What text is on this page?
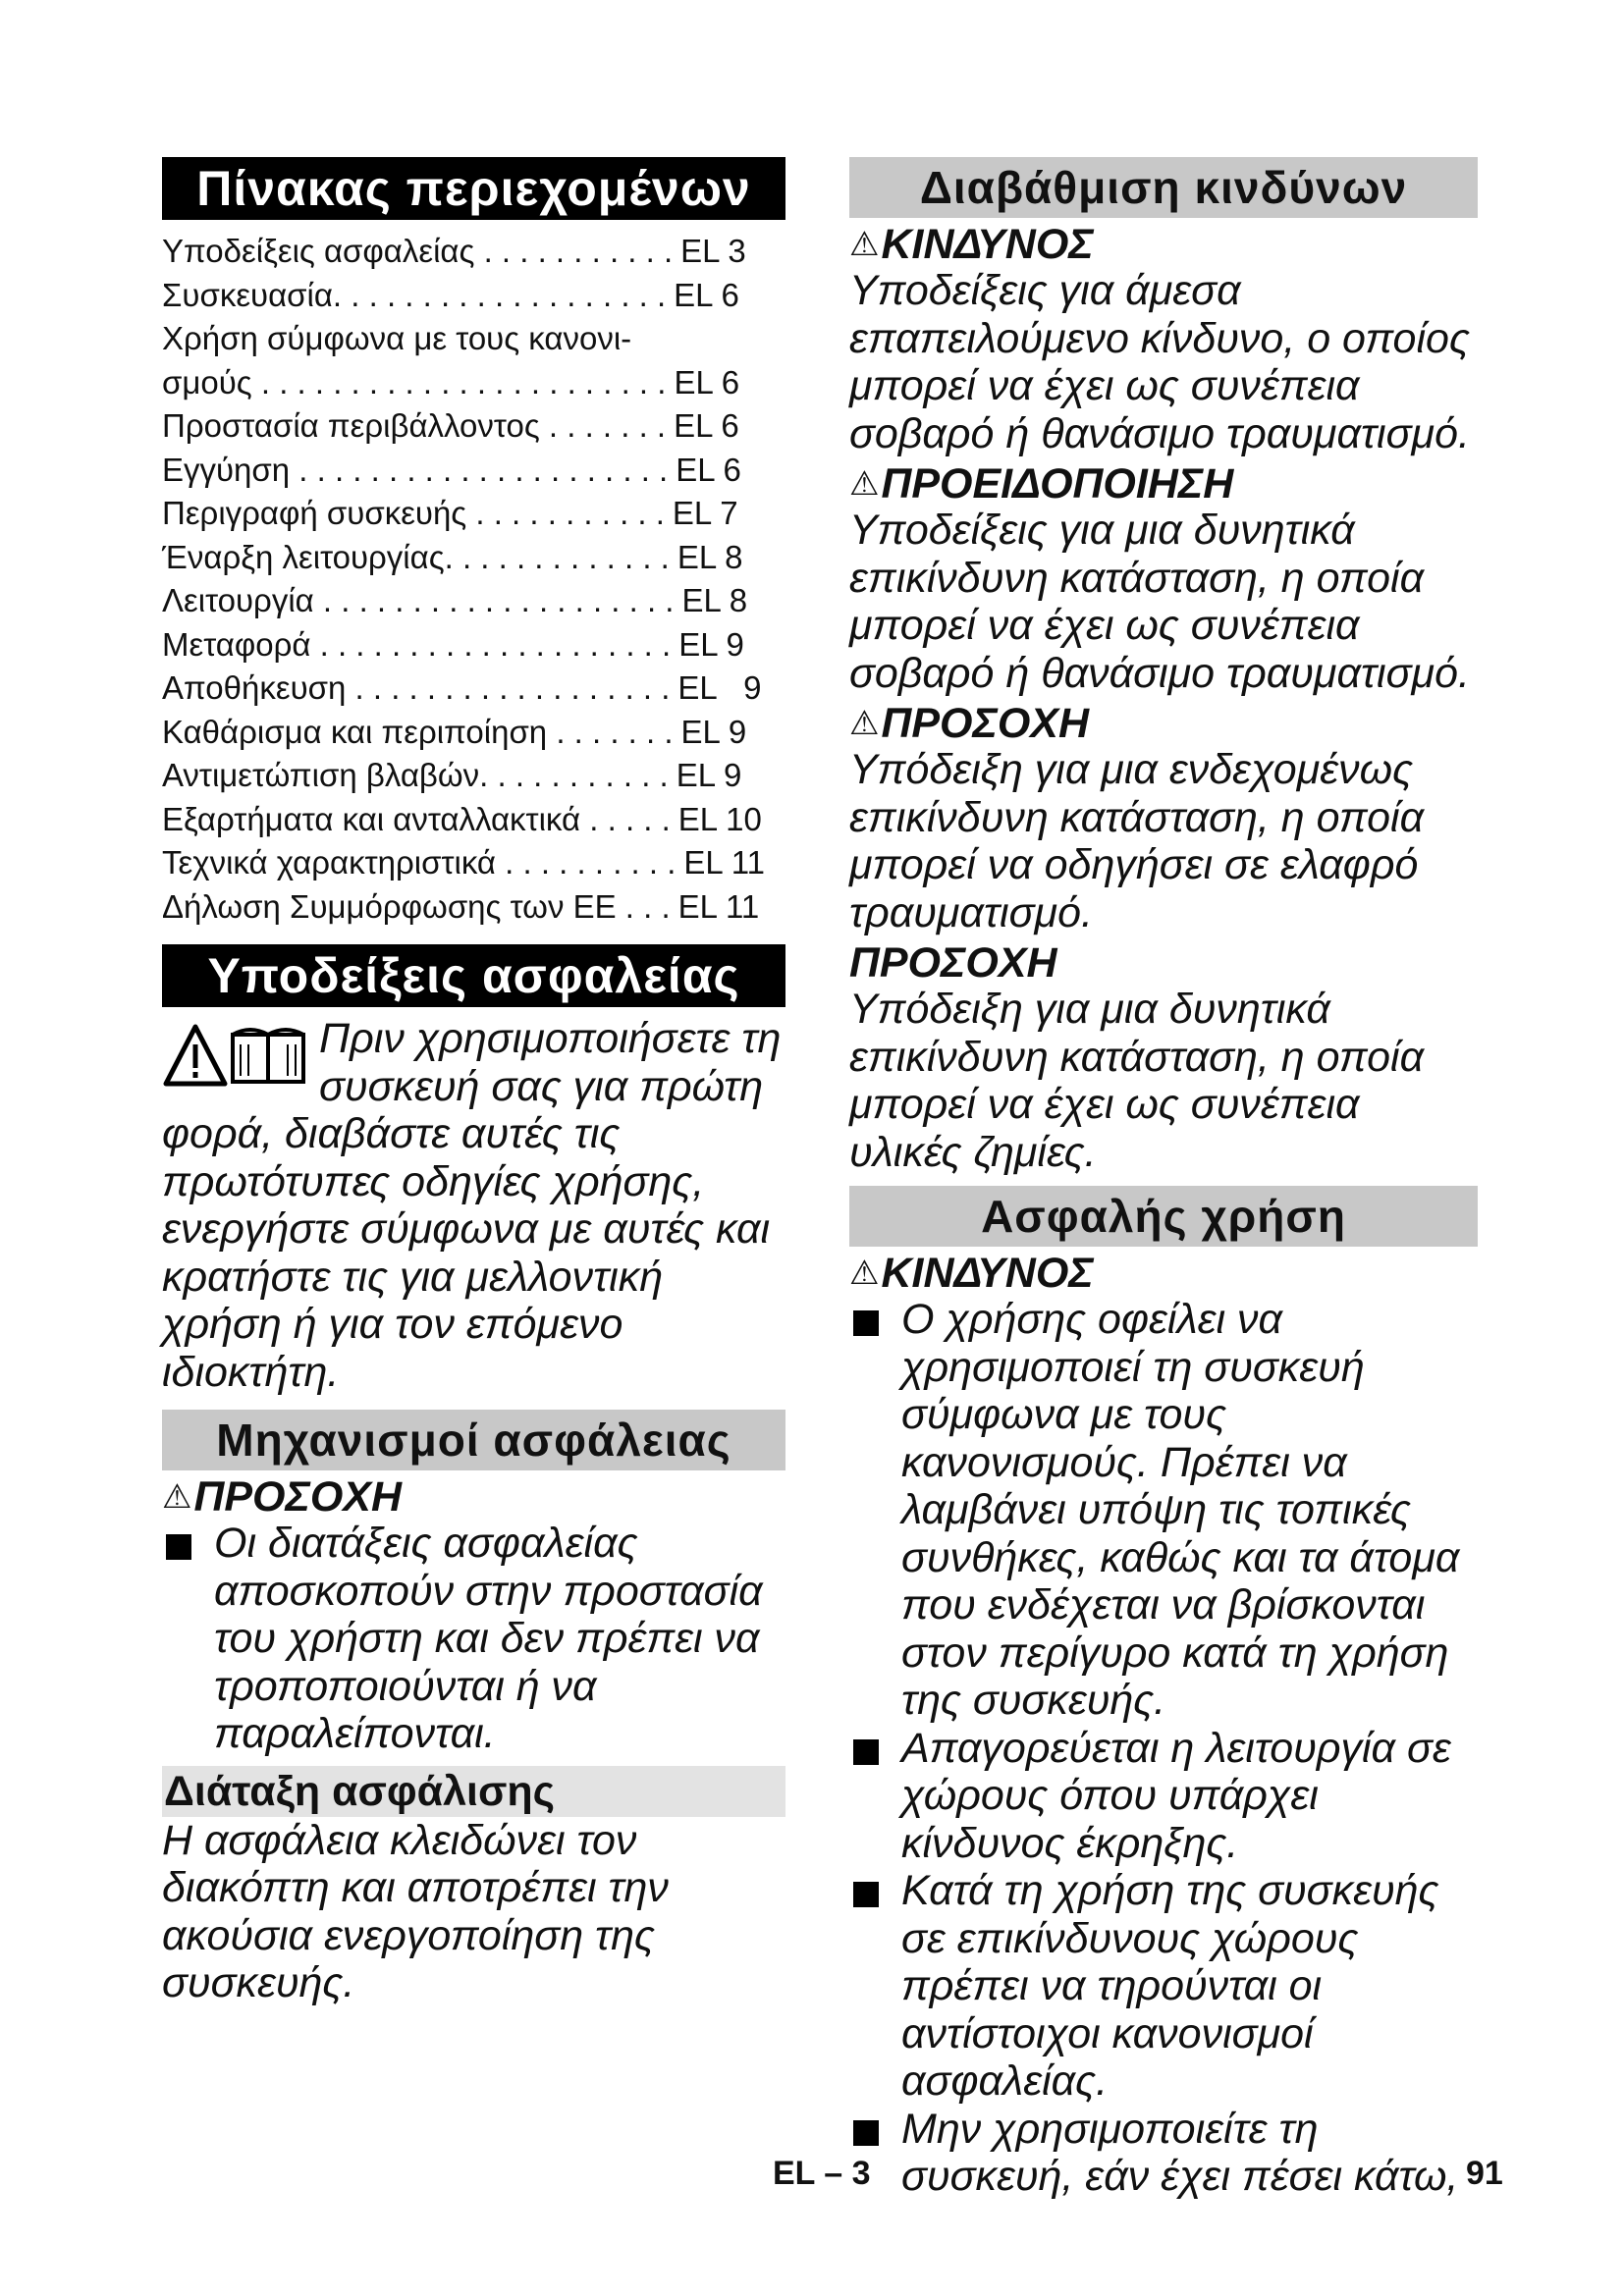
Πίνακας περιεχομένων
Υποδείξεις ασφαλείας . . . . . . . . . . . EL 3
Συσκευασία. . . . . . . . . . . . . . . . . . . EL 6
Χρήση σύμφωνα με τους κανονι-
σμούς . . . . . . . . . . . . . . . . . . . . . . . EL 6
Προστασία περιβάλλοντος . . . . . . . EL 6
Εγγύηση . . . . . . . . . . . . . . . . . . . . . EL 6
Περιγραφή συσκευής . . . . . . . . . . . EL 7
Έναρξη λειτουργίας. . . . . . . . . . . . . EL 8
Λειτουργία . . . . . . . . . . . . . . . . . . . . EL 8
Μεταφορά . . . . . . . . . . . . . . . . . . . . EL 9
Αποθήκευση . . . . . . . . . . . . . . . . . . EL   9
Καθάρισμα και περιποίηση . . . . . . . EL 9
Αντιμετώπιση βλαβών. . . . . . . . . . . EL 9
Εξαρτήματα και ανταλλακτικά . . . . . EL 10
Τεχνικά χαρακτηριστικά . . . . . . . . . . EL 11
Δήλωση Συμμόρφωσης των ΕΕ . . . EL 11
Υποδείξεις ασφαλείας
Πριν χρησιμοποιήσετε τη συσκευή σας για πρώτη φορά, διαβάστε αυτές τις πρωτότυπες οδηγίες χρήσης, ενεργήστε σύμφωνα με αυτές και κρατήστε τις για μελλοντική χρήση ή για τον επόμενο ιδιοκτήτη.
Μηχανισμοί ασφάλειας
⚠ΠΡΟΣΟΧΗ
Οι διατάξεις ασφαλείας αποσκοπούν στην προστασία του χρήστη και δεν πρέπει να τροποποιούνται ή να παραλείπονται.
Διάταξη ασφάλισης
Η ασφάλεια κλειδώνει τον διακόπτη και αποτρέπει την ακούσια ενεργοποίηση της συσκευής.
Διαβάθμιση κινδύνων
⚠ΚΙΝΔΥΝΟΣ
Υποδείξεις για άμεσα επαπειλούμενο κίνδυνο, ο οποίος μπορεί να έχει ως συνέπεια σοβαρό ή θανάσιμο τραυματισμό.
⚠ΠΡΟΕΙΔΟΠΟΙΗΣΗ
Υποδείξεις για μια δυνητικά επικίνδυνη κατάσταση, η οποία μπορεί να έχει ως συνέπεια σοβαρό ή θανάσιμο τραυματισμό.
⚠ΠΡΟΣΟΧΗ
Υπόδειξη για μια ενδεχομένως επικίνδυνη κατάσταση, η οποία μπορεί να οδηγήσει σε ελαφρό τραυματισμό.
ΠΡΟΣΟΧΗ
Υπόδειξη για μια δυνητικά επικίνδυνη κατάσταση, η οποία μπορεί να έχει ως συνέπεια υλικές ζημίες.
Ασφαλής χρήση
⚠ΚΙΝΔΥΝΟΣ
Ο χρήσης οφείλει να χρησιμοποιεί τη συσκευή σύμφωνα με τους κανονισμούς. Πρέπει να λαμβάνει υπόψη τις τοπικές συνθήκες, καθώς και τα άτομα που ενδέχεται να βρίσκονται στον περίγυρο κατά τη χρήση της συσκευής.
Απαγορεύεται η λειτουργία σε χώρους όπου υπάρχει κίνδυνος έκρηξης.
Κατά τη χρήση της συσκευής σε επικίνδυνους χώρους πρέπει να τηρούνται οι αντίστοιχοι κανονισμοί ασφαλείας.
Μην χρησιμοποιείτε τη συσκευή, εάν έχει πέσει κάτω,
EL – 3	91
